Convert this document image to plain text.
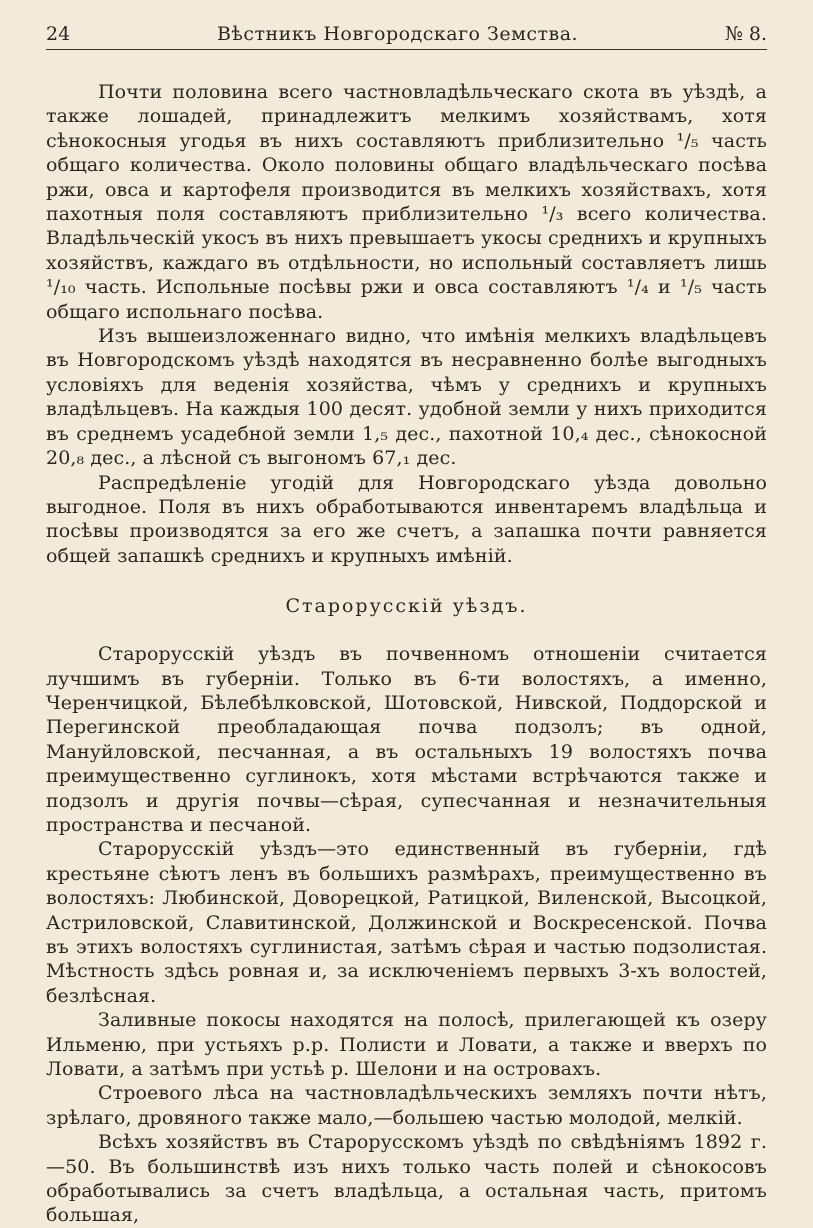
24	Вѣстникъ Новгородскаго Земства.	№ 8.

Почти половина всего частновладѣльческаго скота въ уѣздѣ, а также лошадей, принадлежитъ мелкимъ хозяйствамъ, хотя сѣнокосныя угодья въ нихъ составляютъ приблизительно ¹/₅ часть общаго количества. Около половины общаго владѣльческаго посѣва ржи, овса и картофеля производится въ мелкихъ хозяйствахъ, хотя пахотныя поля составляютъ приблизительно ¹/₃ всего количества. Владѣльческій укосъ въ нихъ превышаетъ укосы среднихъ и крупныхъ хозяйствъ, каждаго въ отдѣльности, но испольный составляетъ лишь ¹/₁₀ часть. Испольные посѣвы ржи и овса составляютъ ¹/₄ и ¹/₅ часть общаго испольнаго посѣва.

Изъ вышеизложеннаго видно, что имѣнія мелкихъ владѣльцевъ въ Новгородскомъ уѣздѣ находятся въ несравненно болѣе выгодныхъ условіяхъ для веденія хозяйства, чѣмъ у среднихъ и крупныхъ владѣльцевъ. На каждыя 100 десят. удобной земли у нихъ приходится въ среднемъ усадебной земли 1,₅ дес., пахотной 10,₄ дес., сѣнокосной 20,₈ дес., а лѣсной съ выгономъ 67,₁ дес.

Распредѣленіе угодій для Новгородскаго уѣзда довольно выгодное. Поля въ нихъ обработываются инвентаремъ владѣльца и посѣвы производятся за его же счетъ, а запашка почти равняется общей запашкѣ среднихъ и крупныхъ имѣній.

Старорусскій уѣздъ.

Старорусскій уѣздъ въ почвенномъ отношеніи считается лучшимъ въ губерніи. Только въ 6-ти волостяхъ, а именно, Черенчицкой, Бѣлебѣлковской, Шотовской, Нивской, Поддорской и Перегинской преобладающая почва подзолъ; въ одной, Мануйловской, песчанная, а въ остальныхъ 19 волостяхъ почва преимущественно суглинокъ, хотя мѣстами встрѣчаются также и подзолъ и другія почвы—сѣрая, супесчанная и незначительныя пространства и песчаной.

Старорусскій уѣздъ—это единственный въ губерніи, гдѣ крестьяне сѣютъ ленъ въ большихъ размѣрахъ, преимущественно въ волостяхъ: Любинской, Доворецкой, Ратицкой, Виленской, Высоцкой, Астриловской, Славитинской, Должинской и Воскресенской. Почва въ этихъ волостяхъ суглинистая, затѣмъ сѣрая и частью подзолистая. Мѣстность здѣсь ровная и, за исключеніемъ первыхъ 3-хъ волостей, безлѣсная.

Заливные покосы находятся на полосѣ, прилегающей къ озеру Ильменю, при устьяхъ р.р. Полисти и Ловати, а также и вверхъ по Ловати, а затѣмъ при устьѣ р. Шелони и на островахъ.

Строевого лѣса на частновладѣльческихъ земляхъ почти нѣтъ, зрѣлаго, дровяного также мало,—большею частью молодой, мелкій.

Всѣхъ хозяйствъ въ Старорусскомъ уѣздѣ по свѣдѣніямъ 1892 г.—50. Въ большинствѣ изъ нихъ только часть полей и сѣнокосовъ обработывались за счетъ владѣльца, а остальная часть, притомъ большая,
